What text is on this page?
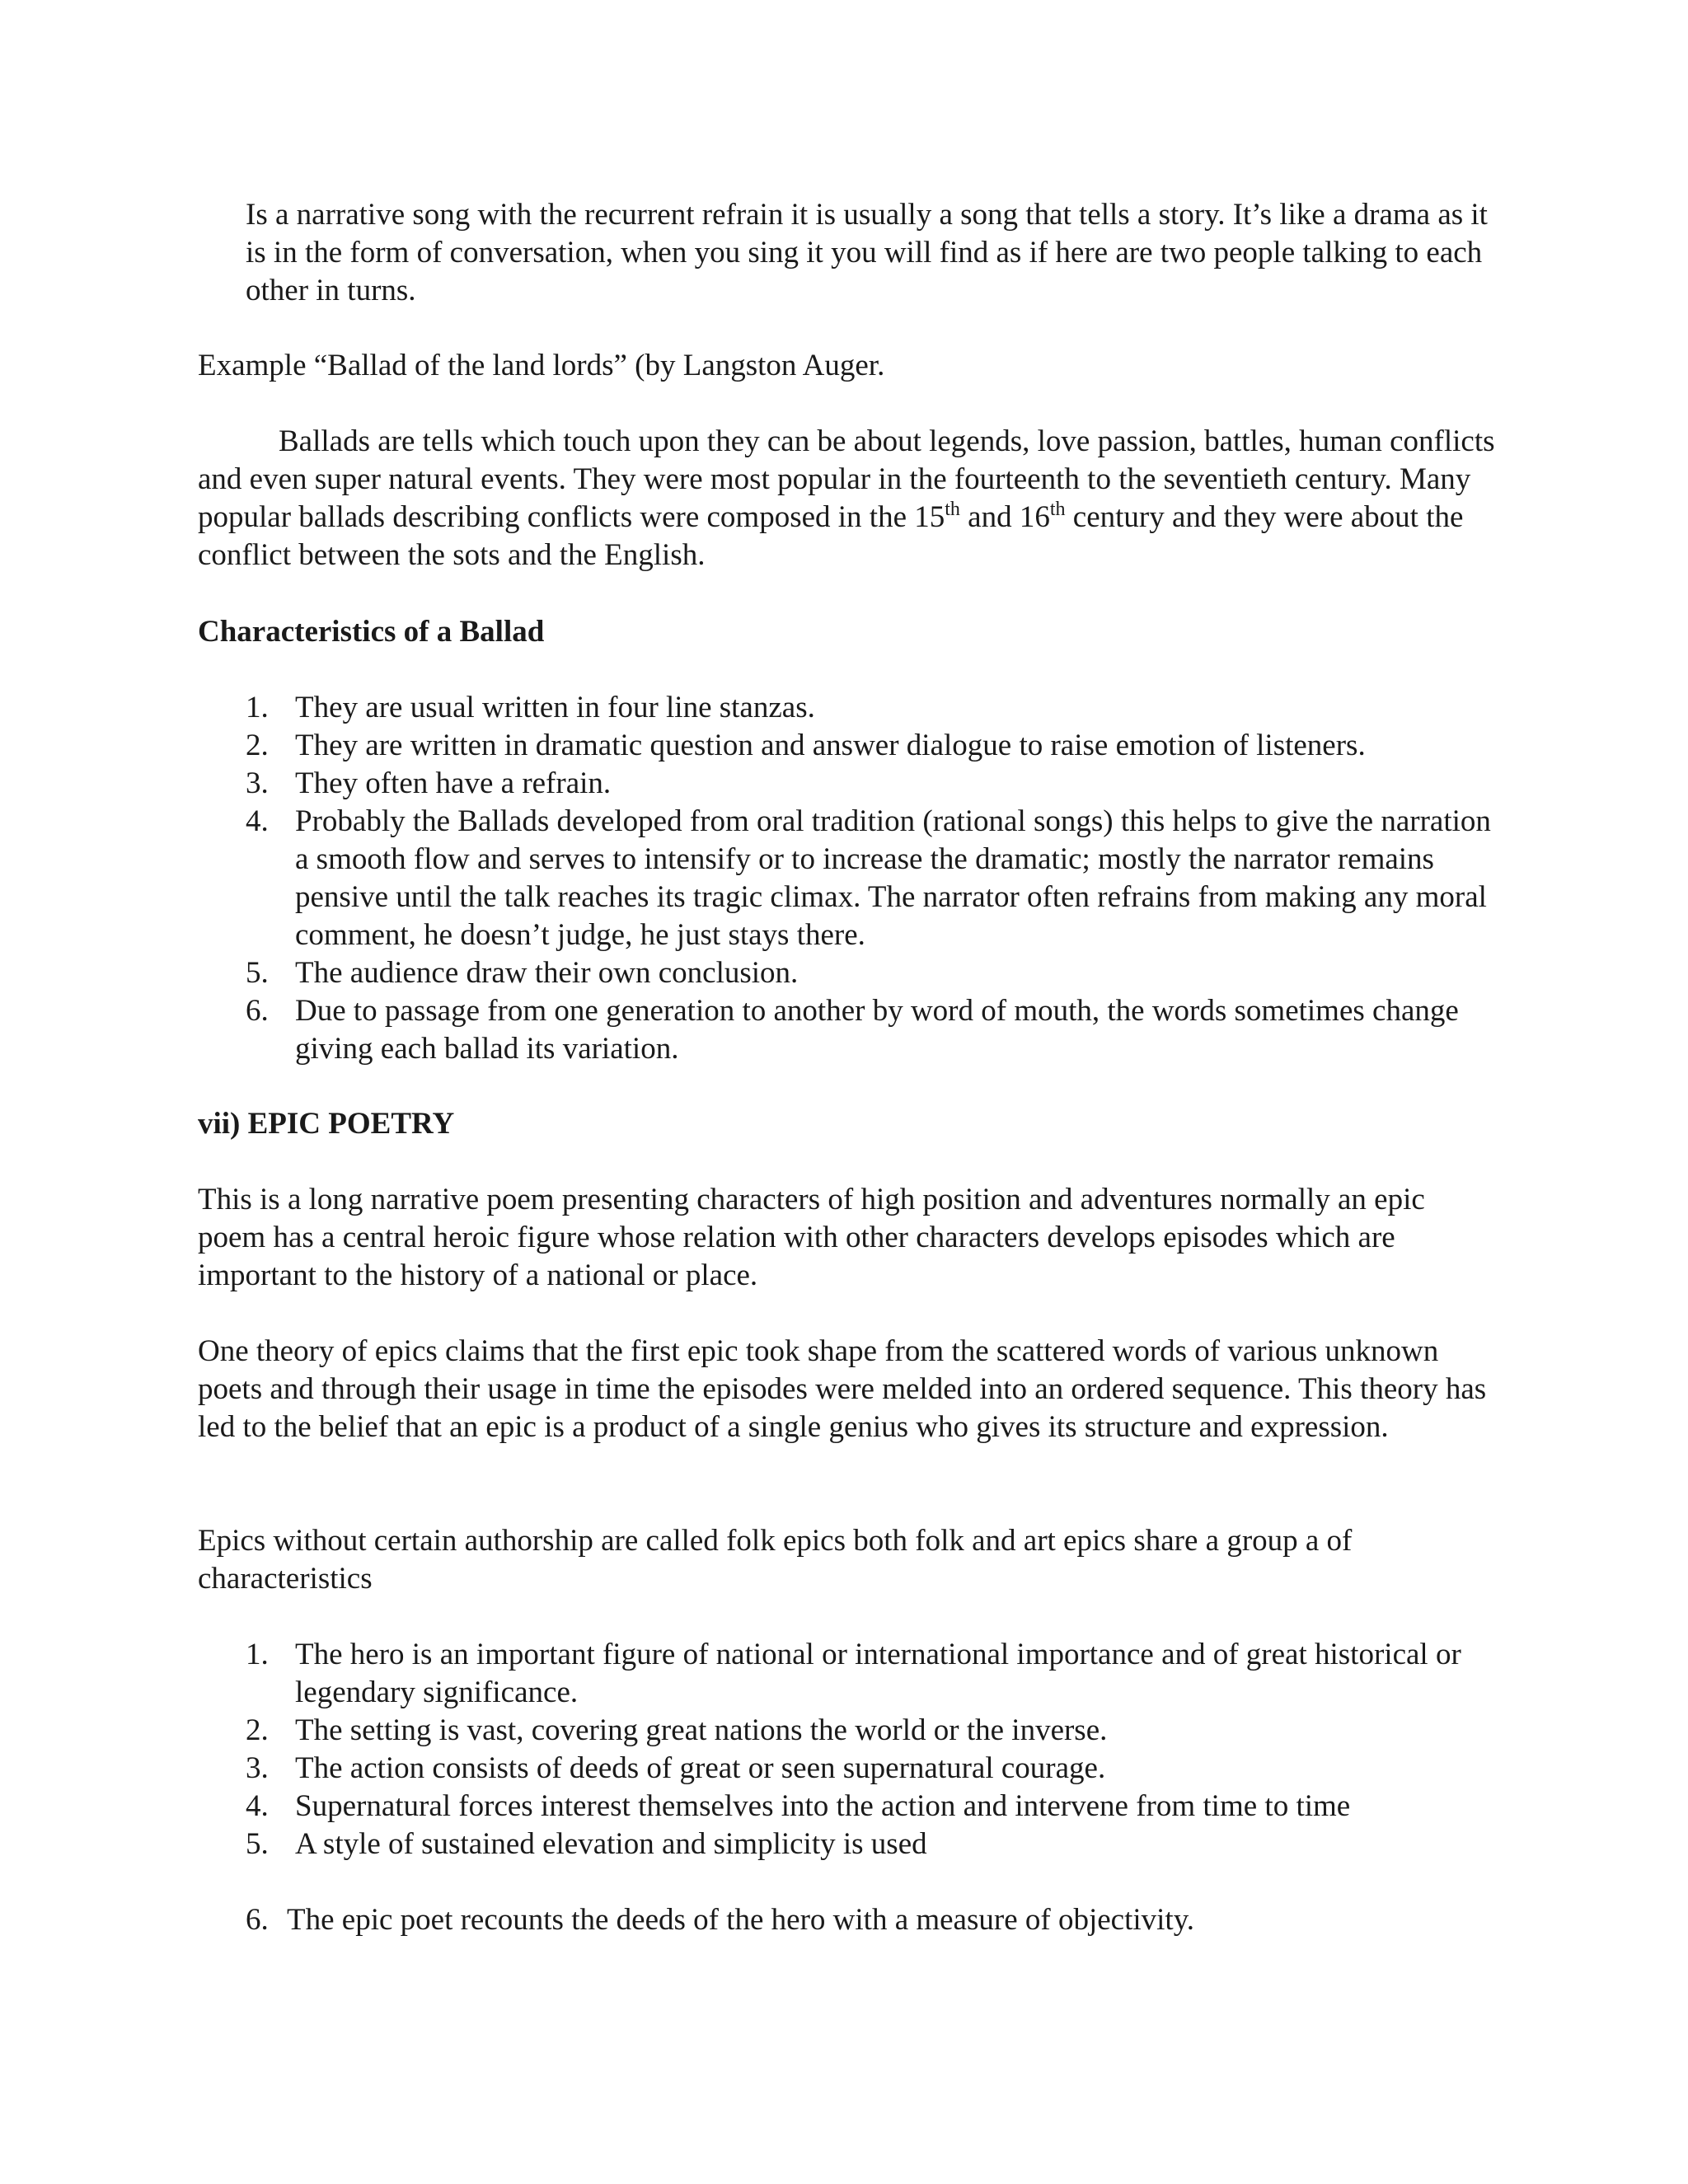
Is a narrative song with the recurrent refrain it is usually a song that tells a story. It’s like a drama as it is in the form of conversation, when you sing it you will find as if here are two people talking to each other in turns.

Example “Ballad of the land lords” (by Langston Auger.

Ballads are tells which touch upon they can be about legends, love passion, battles, human conflicts and even super natural events. They were most popular in the fourteenth to the seventieth century. Many popular ballads describing conflicts were composed in the 15th and 16th century and they were about the conflict between the sots and the English.

Characteristics of a Ballad

1. They are usual written in four line stanzas.
2. They are written in dramatic question and answer dialogue to raise emotion of listeners.
3. They often have a refrain.
4. Probably the Ballads developed from oral tradition (rational songs) this helps to give the narration a smooth flow and serves to intensify or to increase the dramatic; mostly the narrator remains pensive until the talk reaches its tragic climax. The narrator often refrains from making any moral comment, he doesn’t judge, he just stays there.
5. The audience draw their own conclusion.
6. Due to passage from one generation to another by word of mouth, the words sometimes change giving each ballad its variation.

vii) EPIC POETRY

This is a long narrative poem presenting characters of high position and adventures normally an epic poem has a central heroic figure whose relation with other characters develops episodes which are important to the history of a national or place.

One theory of epics claims that the first epic took shape from the scattered words of various unknown poets and through their usage in time the episodes were melded into an ordered sequence. This theory has led to the belief that an epic is a product of a single genius who gives its structure and expression.

Epics without certain authorship are called folk epics both folk and art epics share a group a of characteristics

1. The hero is an important figure of national or international importance and of great historical or legendary significance.
2. The setting is vast, covering great nations the world or the inverse.
3. The action consists of deeds of great or seen supernatural courage.
4. Supernatural forces interest themselves into the action and intervene from time to time
5. A style of sustained elevation and simplicity is used
6. The epic poet recounts the deeds of the hero with a measure of objectivity.
